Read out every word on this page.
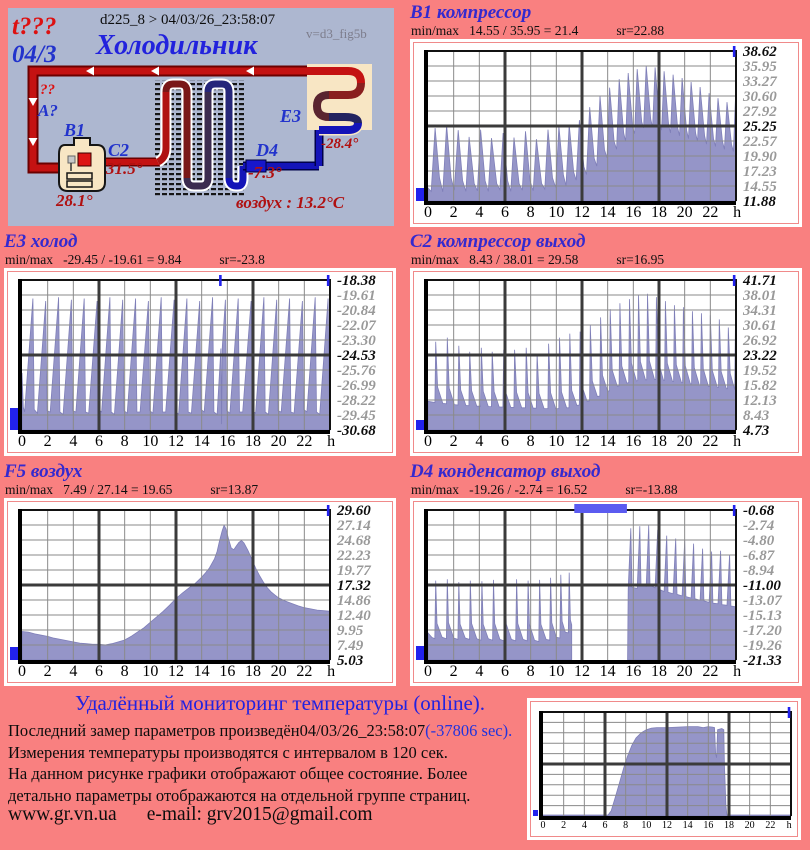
t???
04/3
d225_8 > 04/03/26_23:58:07
Холодильник	v=d3_fig5b
??
A?
B1
C2
31.5°
28.1°
D4
-7.3°
E3
-28.4°
воздух : 13.2°C
B1 компрессор
min/max   14.55 / 35.95 = 21.4	sr=22.88
0 2 4 6 8 10 12 14 16 18 20 22 h
38.62
35.95
33.27
30.60
27.92
25.25
22.57
19.90
17.23
14.55
11.88
E3 холод
min/max   -29.45 / -19.61 = 9.84	sr=-23.8
0 2 4 6 8 10 12 14 16 18 20 22 h
-18.38
-19.61
-20.84
-22.07
-23.30
-24.53
-25.76
-26.99
-28.22
-29.45
-30.68
C2 компрессор выход
min/max   8.43 / 38.01 = 29.58	sr=16.95
0 2 4 6 8 10 12 14 16 18 20 22 h
41.71
38.01
34.31
30.61
26.92
23.22
19.52
15.82
12.13
8.43
4.73
F5 воздух
min/max   7.49 / 27.14 = 19.65	sr=13.87
0 2 4 6 8 10 12 14 16 18 20 22 h
29.60
27.14
24.68
22.23
19.77
17.32
14.86
12.40
9.95
7.49
5.03
D4 конденсатор выход
min/max   -19.26 / -2.74 = 16.52	sr=-13.88
0 2 4 6 8 10 12 14 16 18 20 22 h
-0.68
-2.74
-4.80
-6.87
-8.94
-11.00
-13.07
-15.13
-17.20
-19.26
-21.33
Удалённый мониторинг температуры (online).
Последний замер параметров произведён04/03/26_23:58:07(-37806 sec).
Измерения температуры производятся с интервалом в 120 сек.
На данном рисунке графики отображают общее состояние. Более
детально параметры отображаются на отдельной группе страниц.
www.gr.vn.ua e-mail: grv2015@gmail.com
0 2 4 6 8 10 12 14 16 18 20 22 h
